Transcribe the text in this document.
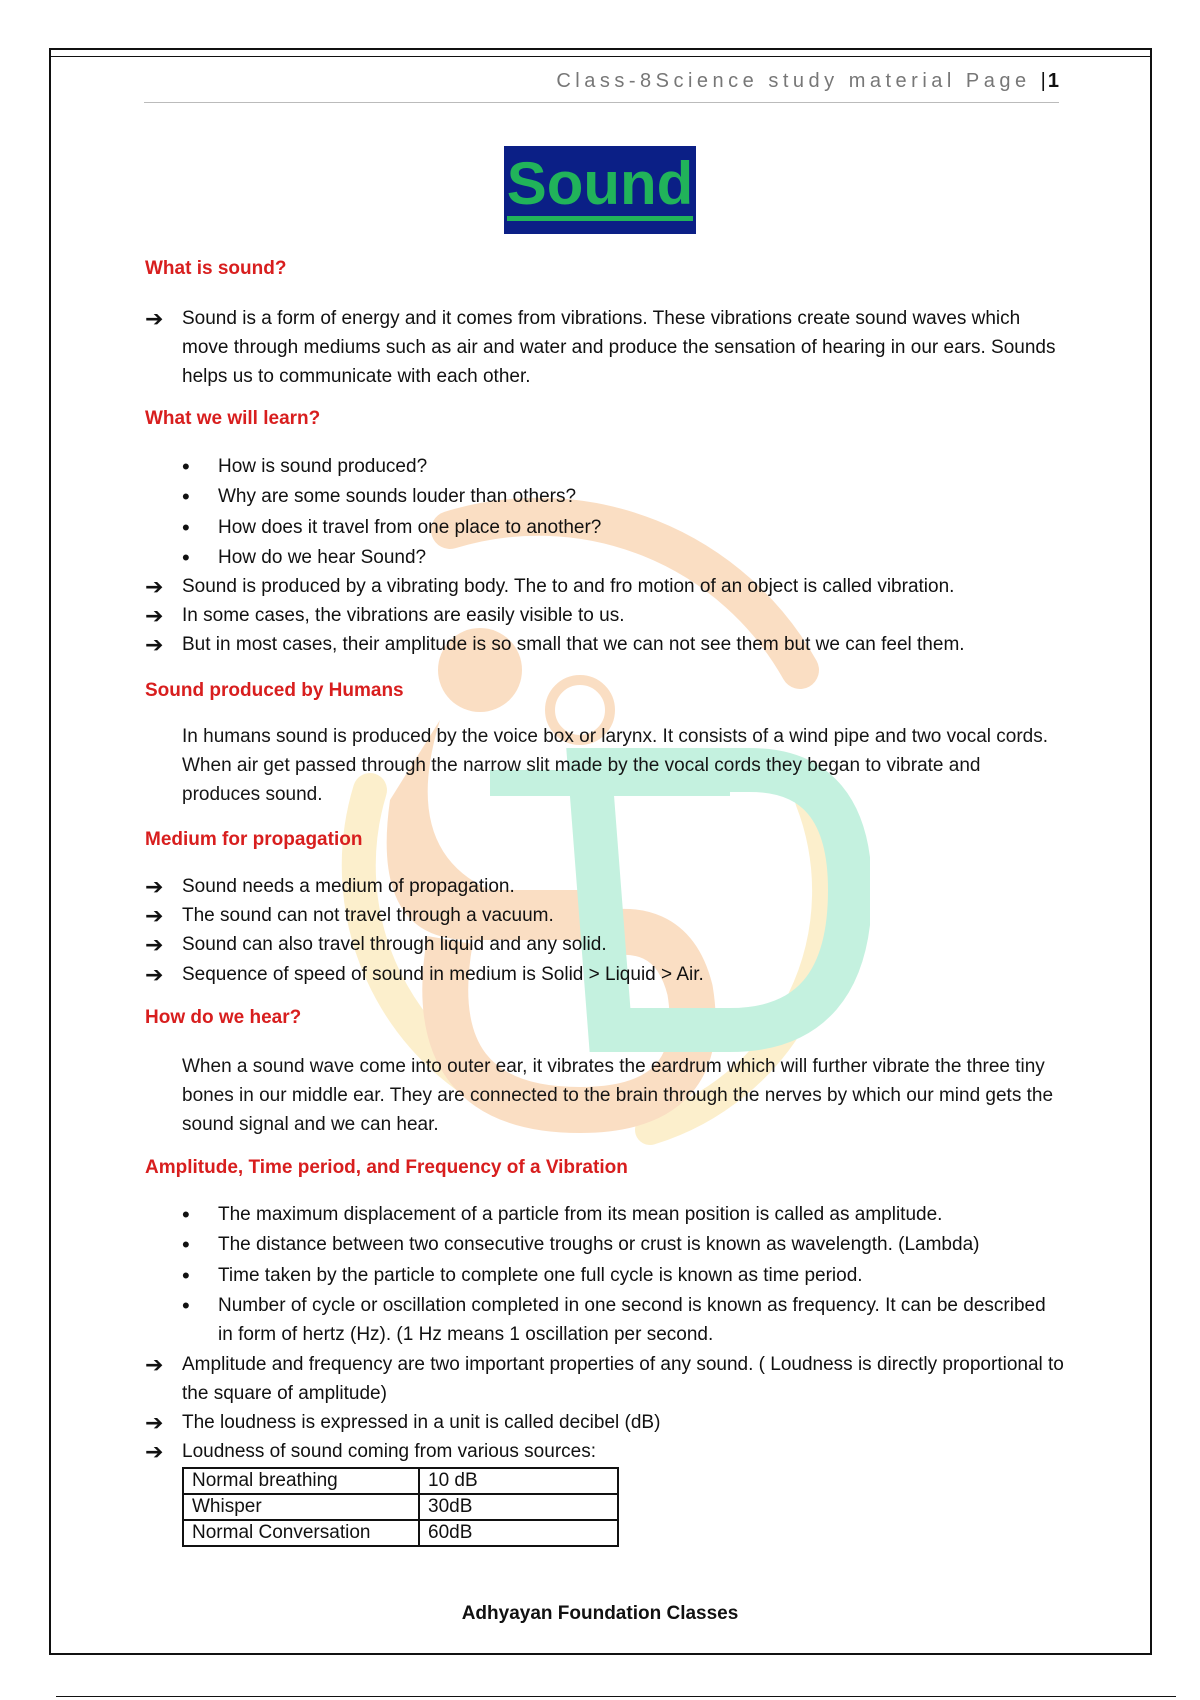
Class-8Science study material Page |1
Sound
What is sound?
➔ Sound is a form of energy and it comes from vibrations. These vibrations create sound waves which move through mediums such as air and water and produce the sensation of hearing in our ears. Sounds helps us to communicate with each other.
What we will learn?
• How is sound produced?
• Why are some sounds louder than others?
• How does it travel from one place to another?
• How do we hear Sound?
➔ Sound is produced by a vibrating body. The to and fro motion of an object is called vibration.
➔ In some cases, the vibrations are easily visible to us.
➔ But in most cases, their amplitude is so small that we can not see them but we can feel them.
Sound produced by Humans
In humans sound is produced by the voice box or larynx. It consists of a wind pipe and two vocal cords. When air get passed through the narrow slit made by the vocal cords they began to vibrate and produces sound.
Medium for propagation
➔ Sound needs a medium of propagation.
➔ The sound can not travel through a vacuum.
➔ Sound can also travel through liquid and any solid.
➔ Sequence of speed of sound in medium is Solid > Liquid > Air.
How do we hear?
When a sound wave come into outer ear, it vibrates the eardrum which will further vibrate the three tiny bones in our middle ear. They are connected to the brain through the nerves by which our mind gets the sound signal and we can hear.
Amplitude, Time period, and Frequency of a Vibration
• The maximum displacement of a particle from its mean position is called as amplitude.
• The distance between two consecutive troughs or crust is known as wavelength. (Lambda)
• Time taken by the particle to complete one full cycle is known as time period.
• Number of cycle or oscillation completed in one second is known as frequency. It can be described in form of hertz (Hz). (1 Hz means 1 oscillation per second.
➔ Amplitude and frequency are two important properties of any sound. ( Loudness is directly proportional to the square of amplitude)
➔ The loudness is expressed in a unit is called decibel (dB)
➔ Loudness of sound coming from various sources:
Normal breathing	10 dB
Whisper	30dB
Normal Conversation	60dB
Adhyayan Foundation Classes
